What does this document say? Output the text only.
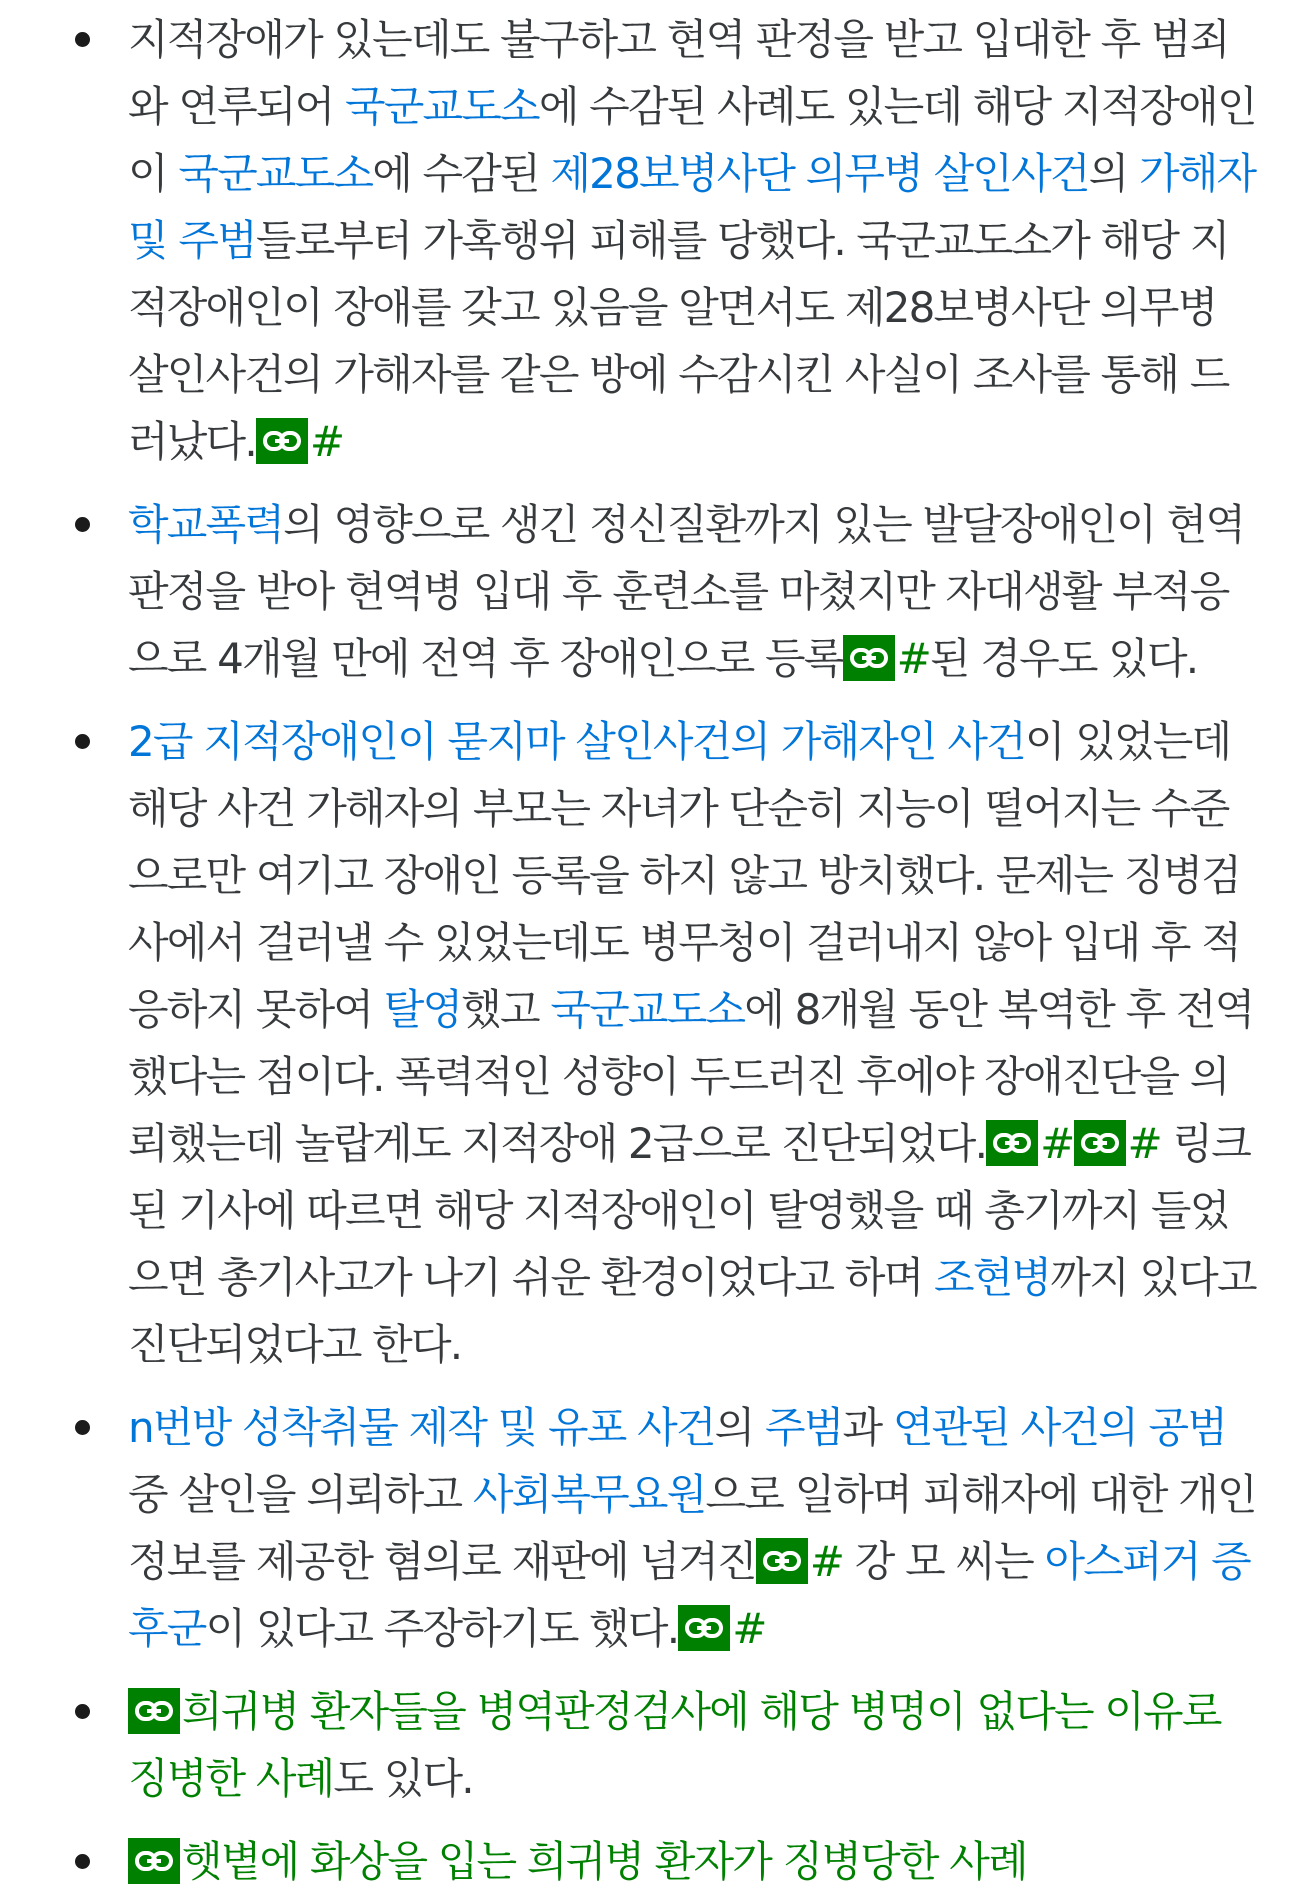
지적장애가 있는데도 불구하고 현역 판정을 받고 입대한 후 범죄와 연루되어 국군교도소에 수감된 사례도 있는데 해당 지적장애인이 국군교도소에 수감된 제28보병사단 의무병 살인사건의 가해자 및 주범들로부터 가혹행위 피해를 당했다. 국군교도소가 해당 지적장애인이 장애를 갖고 있음을 알면서도 제28보병사단 의무병 살인사건의 가해자를 같은 방에 수감시킨 사실이 조사를 통해 드러났다. #
학교폭력의 영향으로 생긴 정신질환까지 있는 발달장애인이 현역 판정을 받아 현역병 입대 후 훈련소를 마쳤지만 자대생활 부적응으로 4개월 만에 전역 후 장애인으로 등록 #된 경우도 있다.
2급 지적장애인이 묻지마 살인사건의 가해자인 사건이 있었는데 해당 사건 가해자의 부모는 자녀가 단순히 지능이 떨어지는 수준으로만 여기고 장애인 등록을 하지 않고 방치했다. 문제는 징병검사에서 걸러낼 수 있었는데도 병무청이 걸러내지 않아 입대 후 적응하지 못하여 탈영했고 국군교도소에 8개월 동안 복역한 후 전역했다는 점이다. 폭력적인 성향이 두드러진 후에야 장애진단을 의뢰했는데 놀랍게도 지적장애 2급으로 진단되었다. # # 링크된 기사에 따르면 해당 지적장애인이 탈영했을 때 총기까지 들었으면 총기사고가 나기 쉬운 환경이었다고 하며 조현병까지 있다고 진단되었다고 한다.
n번방 성착취물 제작 및 유포 사건의 주범과 연관된 사건의 공범 중 살인을 의뢰하고 사회복무요원으로 일하며 피해자에 대한 개인정보를 제공한 혐의로 재판에 넘겨진 # 강 모 씨는 아스퍼거 증후군이 있다고 주장하기도 했다. #
희귀병 환자들을 병역판정검사에 해당 병명이 없다는 이유로 징병한 사례도 있다.
햇볕에 화상을 입는 희귀병 환자가 징병당한 사례
